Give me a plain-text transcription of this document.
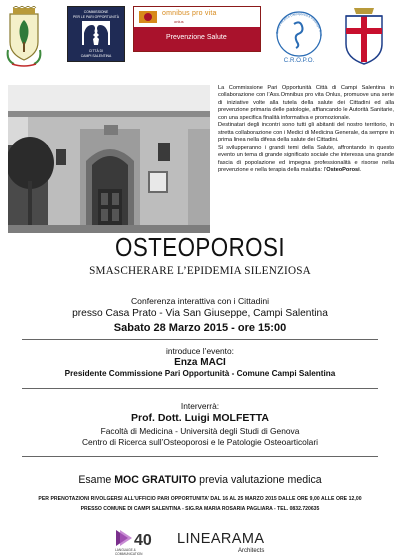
COMMISSIONE
PER LE PARI OPPORTUNITÀ
CITTÀ DI
CAMPI SALENTINA
omnibus pro vita
onlus
Prevenzione Salute
Centro Ricerca Osteoporosi e Patologie Oste
C.R.O.P.O.

La Commissione Pari Opportunità Città di Campi Salentina in collaborazione con l’Ass.Omnibus pro vita Onlus, promuove una serie di iniziative volte alla tutela della salute dei Cittadini ed alla prevenzione primaria delle patologie, affiancando le Autorità Sanitarie, con una specifica finalità informativa e promozionale.

Destinatari degli incontri sono tutti gli abitanti del nostro territorio, in stretta collaborazione con i Medici di Medicina Generale, da sempre in prima linea nella difesa della salute dei Cittadini.

Si svilupperanno i grandi temi della Salute, affrontando in questo evento un tema di grande significato sociale che interessa una grande fascia di popolazione ed impegna professionalità e risorse nella prevenzione e nella terapia della malattia: l’OsteoPorosi.

OSTEOPOROSI
SMASCHERARE L’EPIDEMIA SILENZIOSA
Conferenza interattiva con i Cittadini
presso Casa Prato - Via San Giuseppe, Campi Salentina
Sabato 28 Marzo 2015 - ore 15:00
introduce l’evento:
Enza MACI
Presidente Commissione Pari Opportunità - Comune Campi Salentina
Interverrà:
Prof. Dott. Luigi MOLFETTA
Facoltà di Medicina - Università degli Studi di Genova
Centro di Ricerca sull’Osteoporosi e le Patologie Osteoarticolari
Esame MOC GRATUITO previa valutazione medica
PER PRENOTAZIONI RIVOLGERSI ALL’UFFICIO PARI OPPORTUNITA’ DAL 16 AL 25 MARZO 2015 DALLE ORE 9,00 ALLE ORE 12,00
PRESSO COMUNE DI CAMPI SALENTINA - SIG.RA MARIA ROSARIA PAGLIARA - TEL. 0832.720635
40
LANGUAGE &
COMMUNICATION
LINEARAMA
Architects
